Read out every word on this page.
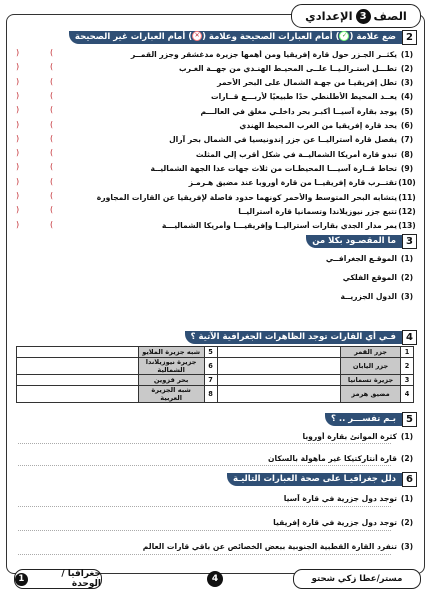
الصف
3
الإعدادي
2
ضع علامة (✓) أمام العبارات الصحيحة وعلامة (✕) أمام العبارات غير الصحيحة
(1)
يكثــر الجـزر حول قارة إفريقيا ومن أهمها جزيرة مدغشقر وجزر القمــر
(	)
(2)
تطـــل أستـرالـيــا علــى المحيـط الهنـدي من جهــة الغـرب
(	)
(3)
تطل إفريقيـا من جهـة الشمال على البحر الأحمر
(	)
(4)
يعــد المحيط الأطلنطي حدًا طبيعيًا لأربـــع قــارات
(	)
(5)
يوجد بقارة آسيــا أكبـر بحر داخلـي مغلق في العالـــم
(	)
(6)
يحد قارة إفريقيا من الغرب المحيط الهندي
(	)
(7)
يفصل قارة أستراليــا عن جزر إندونيسيا في الشمال بحر آرال
(	)
(8)
تبدو قارة أمريكا الشماليــة في شكل أقرب إلي المثلث
(	)
(9)
تحاط قــارة آسيـــا المحيطـات من ثلاث جهات عدا الجهة الشماليــة
(	)
(10)
تقتــرب قارة إفريقيــا من قارة أوروبا عند مضيق هـرمـز
(	)
(11)
يتشابه البحر المتوسط والأحمر كونهما حدود فاصلة لإفريقيا عن القارات المجاورة
(	)
(12)
تتبع جزر نيوزيلاندا وتسمانيا قارة أستراليــا
(	)
(13)
يمر مدار الجدي بقارات أستراليــا وإفريقيـــا وأمريكا الشماليـــة
(	)
3
ما المقصـود بكلا من
(1)
الموقـع الجغرافــي
(2)
الموقع الفلكي
(3)
الدول الجزريــة
4
فـي أي القارات توجد الظاهرات الجغرافية الآتية ؟
1	جزر القمر		5	شبه جزيرة الملايو	
2	جزر اليابان		6	جزيرة نيوزيلاندا الشمالية	
3	جزيرة تسمانيا		7	بحر قزوين	
4	مضيق هرمز		8	شبه الجزيرة العربية	
5
بـم تفســـر .. ؟
(1)
كثرة الموانئ بقارة أوروبا
(2)
قارة أنتاركتيكا غير مأهولة بالسكان
6
دلل جغرافيـا على صحة العبارات التاليـة
(1)
توجد دول جزرية في قارة آسيا
(2)
توجد دول جزرية في قارة إفريقيا
(3)
تنفرد القارة القطبية الجنوبية ببعض الخصائص عن باقي قارات العالم
جغرافيا / الوحدة
1	4	مستر/عطا زكي شحتو
